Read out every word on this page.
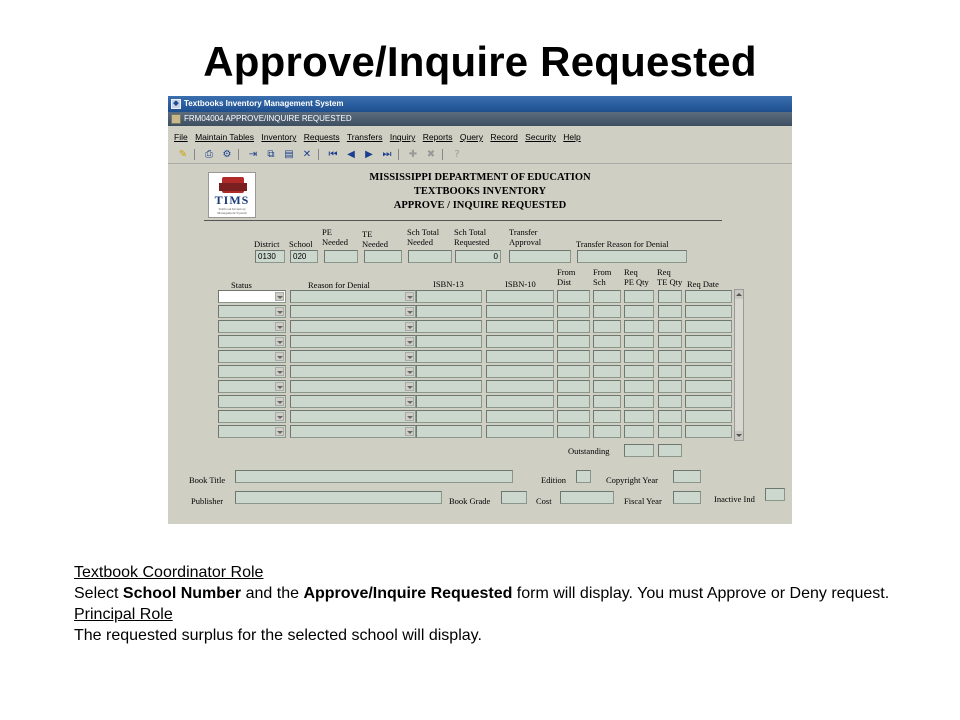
Approve/Inquire Requested
◆ Textbooks Inventory Management System
FRM04004 APPROVE/INQUIRE REQUESTED
File Maintain Tables Inventory Requests Transfers Inquiry Reports Query Record Security Help
✎	⎙ ⚙ ⇥	⧉ ▤ ✕ ⏮ ◀	▶ ⏭ ✚ ✖	?
TIMS
Textbook Inventory Management System
MISSISSIPPI DEPARTMENT OF EDUCATION
TEXTBOOKS INVENTORY
APPROVE / INQUIRE REQUESTED
District School
PE
Needed
TE
Needed
Sch Total
Needed
Sch Total
Requested
Transfer
Approval	Transfer Reason for Denial
0130	020	0
Status	Reason for Denial	ISBN-13	ISBN-10
From
Dist
From
Sch
Req
PE Qty
Req
TE Qty Req Date
Outstanding
Book Title	Edition	Copyright Year
Publisher	Book Grade	Cost	Fiscal Year	Inactive Ind
Textbook Coordinator Role
Select School Number and the Approve/Inquire Requested form will display. You must Approve or Deny request.
Principal Role
The requested surplus for the selected school will display.
